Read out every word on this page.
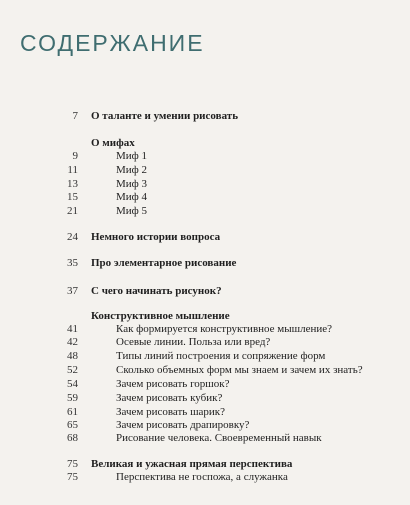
СОДЕРЖАНИЕ
7 О таланте и умении рисовать
О мифах
9	Миф 1
11	Миф 2
13	Миф 3
15	Миф 4
21	Миф 5
24 Немного истории вопроса
35 Про элементарное рисование
37 С чего начинать рисунок?
Конструктивное мышление
41	Как формируется конструктивное мышление?
42	Осевые линии. Польза или вред?
48	Типы линий построения и сопряжение форм
52	Сколько объемных форм мы знаем и зачем их знать?
54	Зачем рисовать горшок?
59	Зачем рисовать кубик?
61	Зачем рисовать шарик?
65	Зачем рисовать драпировку?
68	Рисование человека. Своевременный навык
75 Великая и ужасная прямая перспектива
75	Перспектива не госпожа, а служанка
